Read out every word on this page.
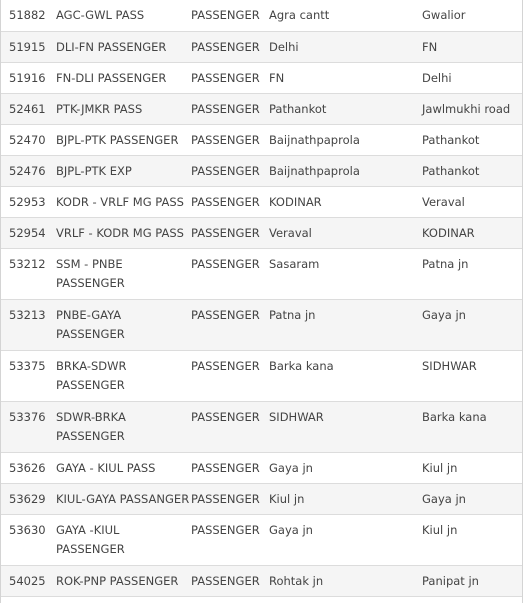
51882	AGC-GWL PASS	PASSENGER	Agra cantt	Gwalior
51915	DLI-FN PASSENGER	PASSENGER	Delhi	FN
51916	FN-DLI PASSENGER	PASSENGER	FN	Delhi
52461	PTK-JMKR PASS	PASSENGER	Pathankot	Jawlmukhi road
52470	BJPL-PTK PASSENGER	PASSENGER	Baijnathpaprola	Pathankot
52476	BJPL-PTK EXP	PASSENGER	Baijnathpaprola	Pathankot
52953	KODR - VRLF MG PASS	PASSENGER	KODINAR	Veraval
52954	VRLF - KODR MG PASS	PASSENGER	Veraval	KODINAR
53212	SSM - PNBE PASSENGER	PASSENGER	Sasaram	Patna jn
53213	PNBE-GAYA PASSENGER	PASSENGER	Patna jn	Gaya jn
53375	BRKA-SDWR PASSENGER	PASSENGER	Barka kana	SIDHWAR
53376	SDWR-BRKA PASSENGER	PASSENGER	SIDHWAR	Barka kana
53626	GAYA - KIUL PASS	PASSENGER	Gaya jn	Kiul jn
53629	KIUL-GAYA PASSANGER	PASSENGER	Kiul jn	Gaya jn
53630	GAYA -KIUL PASSENGER	PASSENGER	Gaya jn	Kiul jn
54025	ROK-PNP PASSENGER	PASSENGER	Rohtak jn	Panipat jn
